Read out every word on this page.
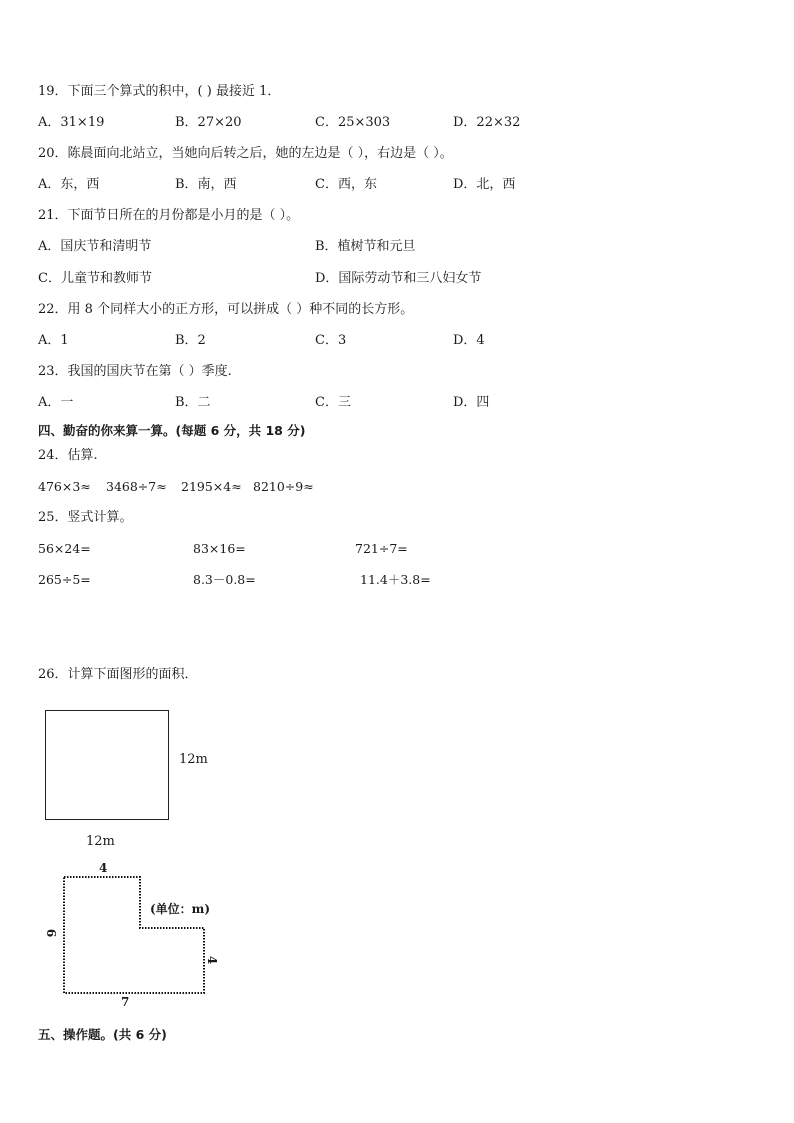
19．下面三个算式的积中，( ) 最接近 1．
A．31×19	B．27×20	C．25×303	D．22×32
20．陈晨面向北站立，当她向后转之后，她的左边是（ ），右边是（ ）。
A．东，西	B．南，西	C．西，东	D．北，西
21．下面节日所在的月份都是小月的是（ ）。
A．国庆节和清明节	B．植树节和元旦
C．儿童节和教师节	D．国际劳动节和三八妇女节
22．用 8 个同样大小的正方形，可以拼成（ ）种不同的长方形。
A．1	B．2	C．3	D．4
23．我国的国庆节在第（ ）季度.
A．一	B．二	C．三	D．四
四、勤奋的你来算一算。(每题 6 分，共 18 分)
24．估算.
476×3≈ 3468÷7≈ 2195×4≈ 8210÷9≈
25．竖式计算。
56×24=	83×16=	721÷7=
265÷5=	8.3－0.8=	11.4＋3.8=
26．计算下面图形的面积．
12m
12m
4
6
4
7
(单位：m)
五、操作题。(共 6 分)
